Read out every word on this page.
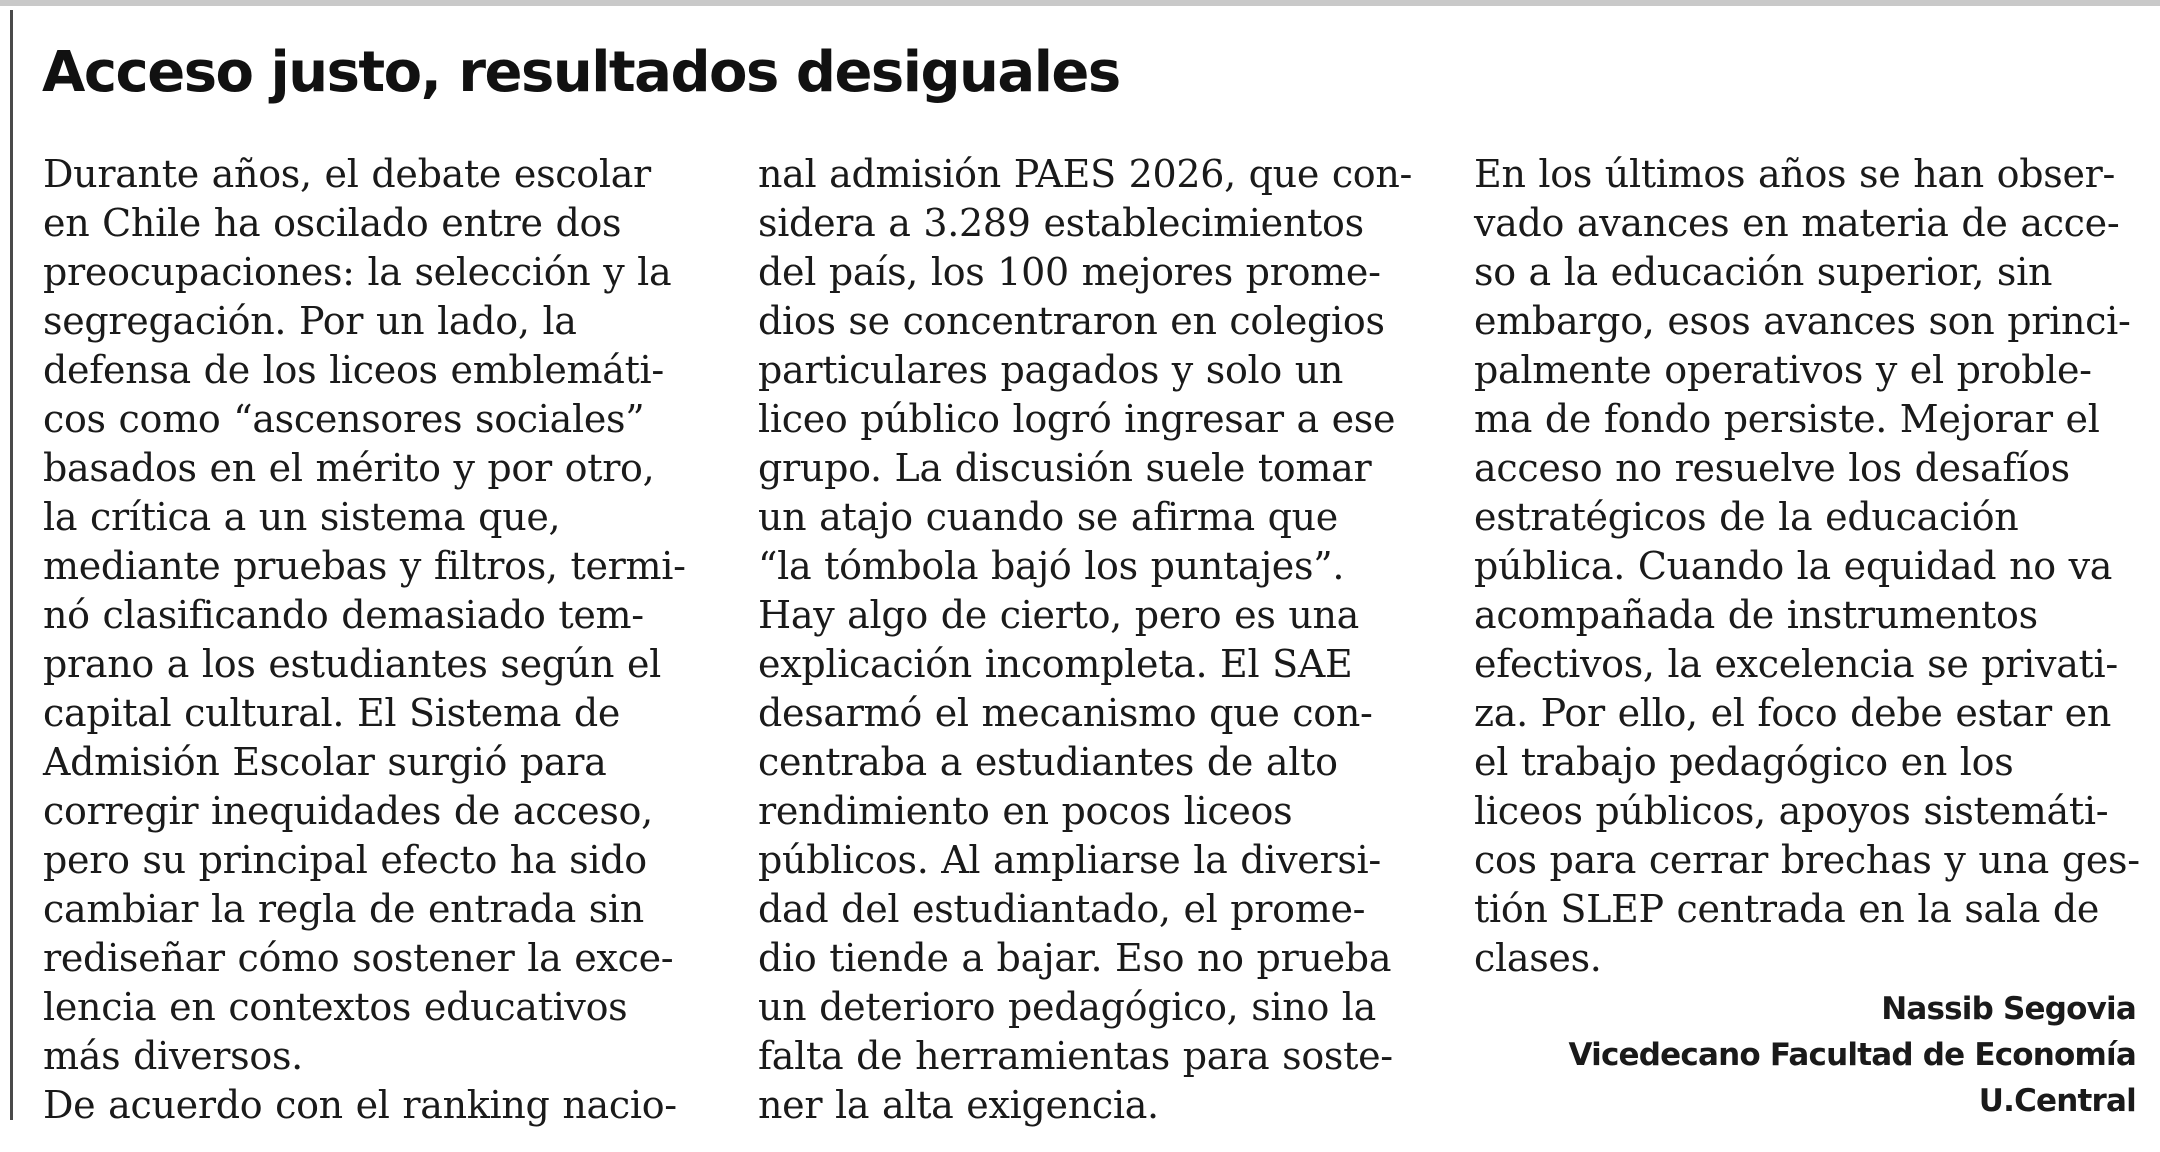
Acceso justo, resultados desiguales
Durante años, el debate escolar
en Chile ha oscilado entre dos
preocupaciones: la selección y la
segregación. Por un lado, la
defensa de los liceos emblemáti-
cos como “ascensores sociales”
basados en el mérito y por otro,
la crítica a un sistema que,
mediante pruebas y filtros, termi-
nó clasificando demasiado tem-
prano a los estudiantes según el
capital cultural. El Sistema de
Admisión Escolar surgió para
corregir inequidades de acceso,
pero su principal efecto ha sido
cambiar la regla de entrada sin
rediseñar cómo sostener la exce-
lencia en contextos educativos
más diversos.
De acuerdo con el ranking nacio-
nal admisión PAES 2026, que con-
sidera a 3.289 establecimientos
del país, los 100 mejores prome-
dios se concentraron en colegios
particulares pagados y solo un
liceo público logró ingresar a ese
grupo. La discusión suele tomar
un atajo cuando se afirma que
“la tómbola bajó los puntajes”.
Hay algo de cierto, pero es una
explicación incompleta. El SAE
desarmó el mecanismo que con-
centraba a estudiantes de alto
rendimiento en pocos liceos
públicos. Al ampliarse la diversi-
dad del estudiantado, el prome-
dio tiende a bajar. Eso no prueba
un deterioro pedagógico, sino la
falta de herramientas para soste-
ner la alta exigencia.
En los últimos años se han obser-
vado avances en materia de acce-
so a la educación superior, sin
embargo, esos avances son princi-
palmente operativos y el proble-
ma de fondo persiste. Mejorar el
acceso no resuelve los desafíos
estratégicos de la educación
pública. Cuando la equidad no va
acompañada de instrumentos
efectivos, la excelencia se privati-
za. Por ello, el foco debe estar en
el trabajo pedagógico en los
liceos públicos, apoyos sistemáti-
cos para cerrar brechas y una ges-
tión SLEP centrada en la sala de
clases.
Nassib Segovia
Vicedecano Facultad de Economía
U.Central
